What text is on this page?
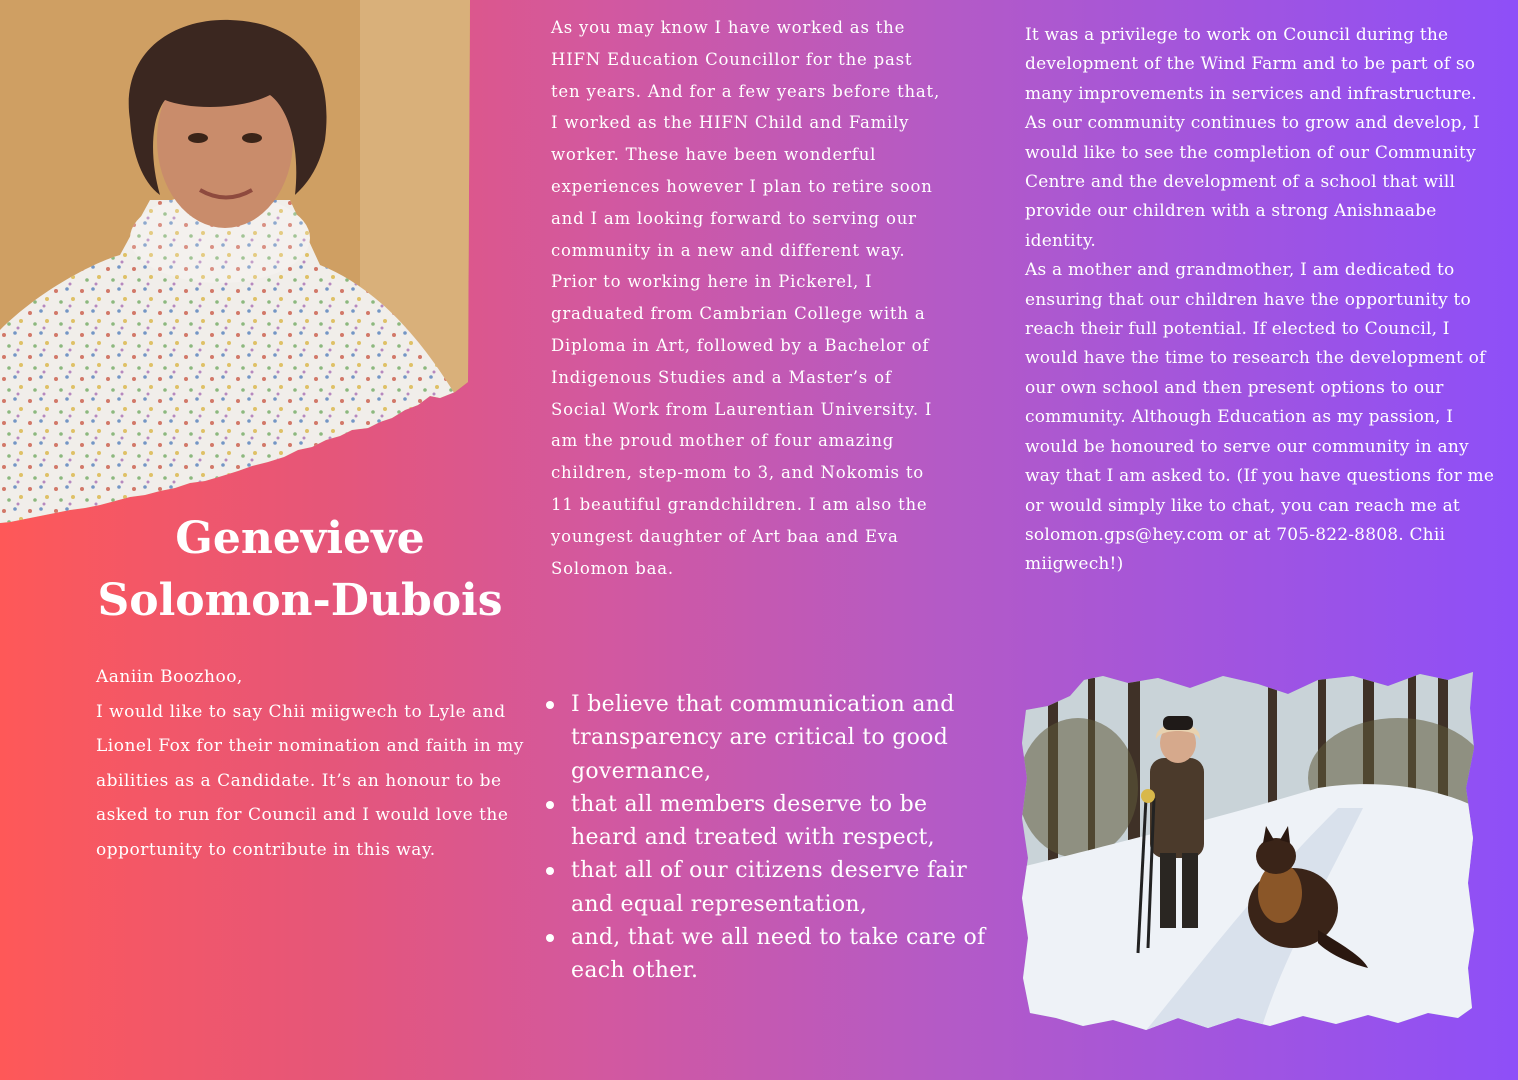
Genevieve
Solomon-Dubois
Aaniin Boozhoo,
I would like to say Chii miigwech to Lyle and Lionel Fox for their nomination and faith in my abilities as a Candidate. It’s an honour to be asked to run for Council and I would love the opportunity to contribute in this way.

As you may know I have worked as the HIFN Education Councillor for the past ten years. And for a few years before that, I worked as the HIFN Child and Family worker. These have been wonderful experiences however I plan to retire soon and I am looking forward to serving our community in a new and different way. Prior to working here in Pickerel, I graduated from Cambrian College with a Diploma in Art, followed by a Bachelor of Indigenous Studies and a Master’s of Social Work from Laurentian University. I am the proud mother of four amazing children, step-mom to 3, and Nokomis to 11 beautiful grandchildren. I am also the youngest daughter of Art baa and Eva Solomon baa.

I believe that communication and transparency are critical to good governance,
that all members deserve to be heard and treated with respect,
that all of our citizens deserve fair and equal representation,
and, that we all need to take care of each other.

It was a privilege to work on Council during the development of the Wind Farm and to be part of so many improvements in services and infrastructure. As our community continues to grow and develop, I would like to see the completion of our Community Centre and the development of a school that will provide our children with a strong Anishnaabe identity.

As a mother and grandmother, I am dedicated to ensuring that our children have the opportunity to reach their full potential. If elected to Council, I would have the time to research the development of our own school and then present options to our community. Although Education as my passion, I would be honoured to serve our community in any way that I am asked to. (If you have questions for me or would simply like to chat, you can reach me at

solomon.gps@hey.com or at 705-822-8808. Chii miigwech!)
